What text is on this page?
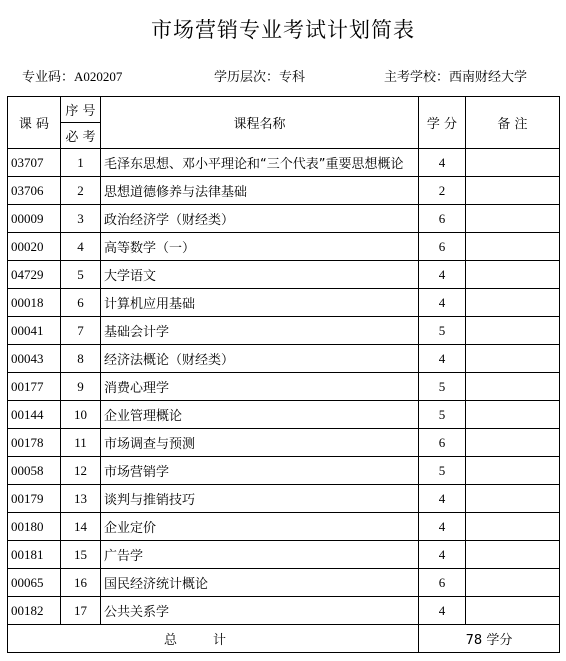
市场营销专业考试计划简表
专业码：A020207	学历层次：专科	主考学校：西南财经大学
课 码	序 号	课程名称	学 分	备 注
	必 考			
03707	1	毛泽东思想、邓小平理论和“三个代表”重要思想概论	4	
03706	2	思想道德修养与法律基础	2	
00009	3	政治经济学（财经类）	6	
00020	4	高等数学（一）	6	
04729	5	大学语文	4	
00018	6	计算机应用基础	4	
00041	7	基础会计学	5	
00043	8	经济法概论（财经类）	4	
00177	9	消费心理学	5	
00144	10	企业管理概论	5	
00178	11	市场调查与预测	6	
00058	12	市场营销学	5	
00179	13	谈判与推销技巧	4	
00180	14	企业定价	4	
00181	15	广告学	4	
00065	16	国民经济统计概论	6	
00182	17	公共关系学	4	
总计			78 学分	
